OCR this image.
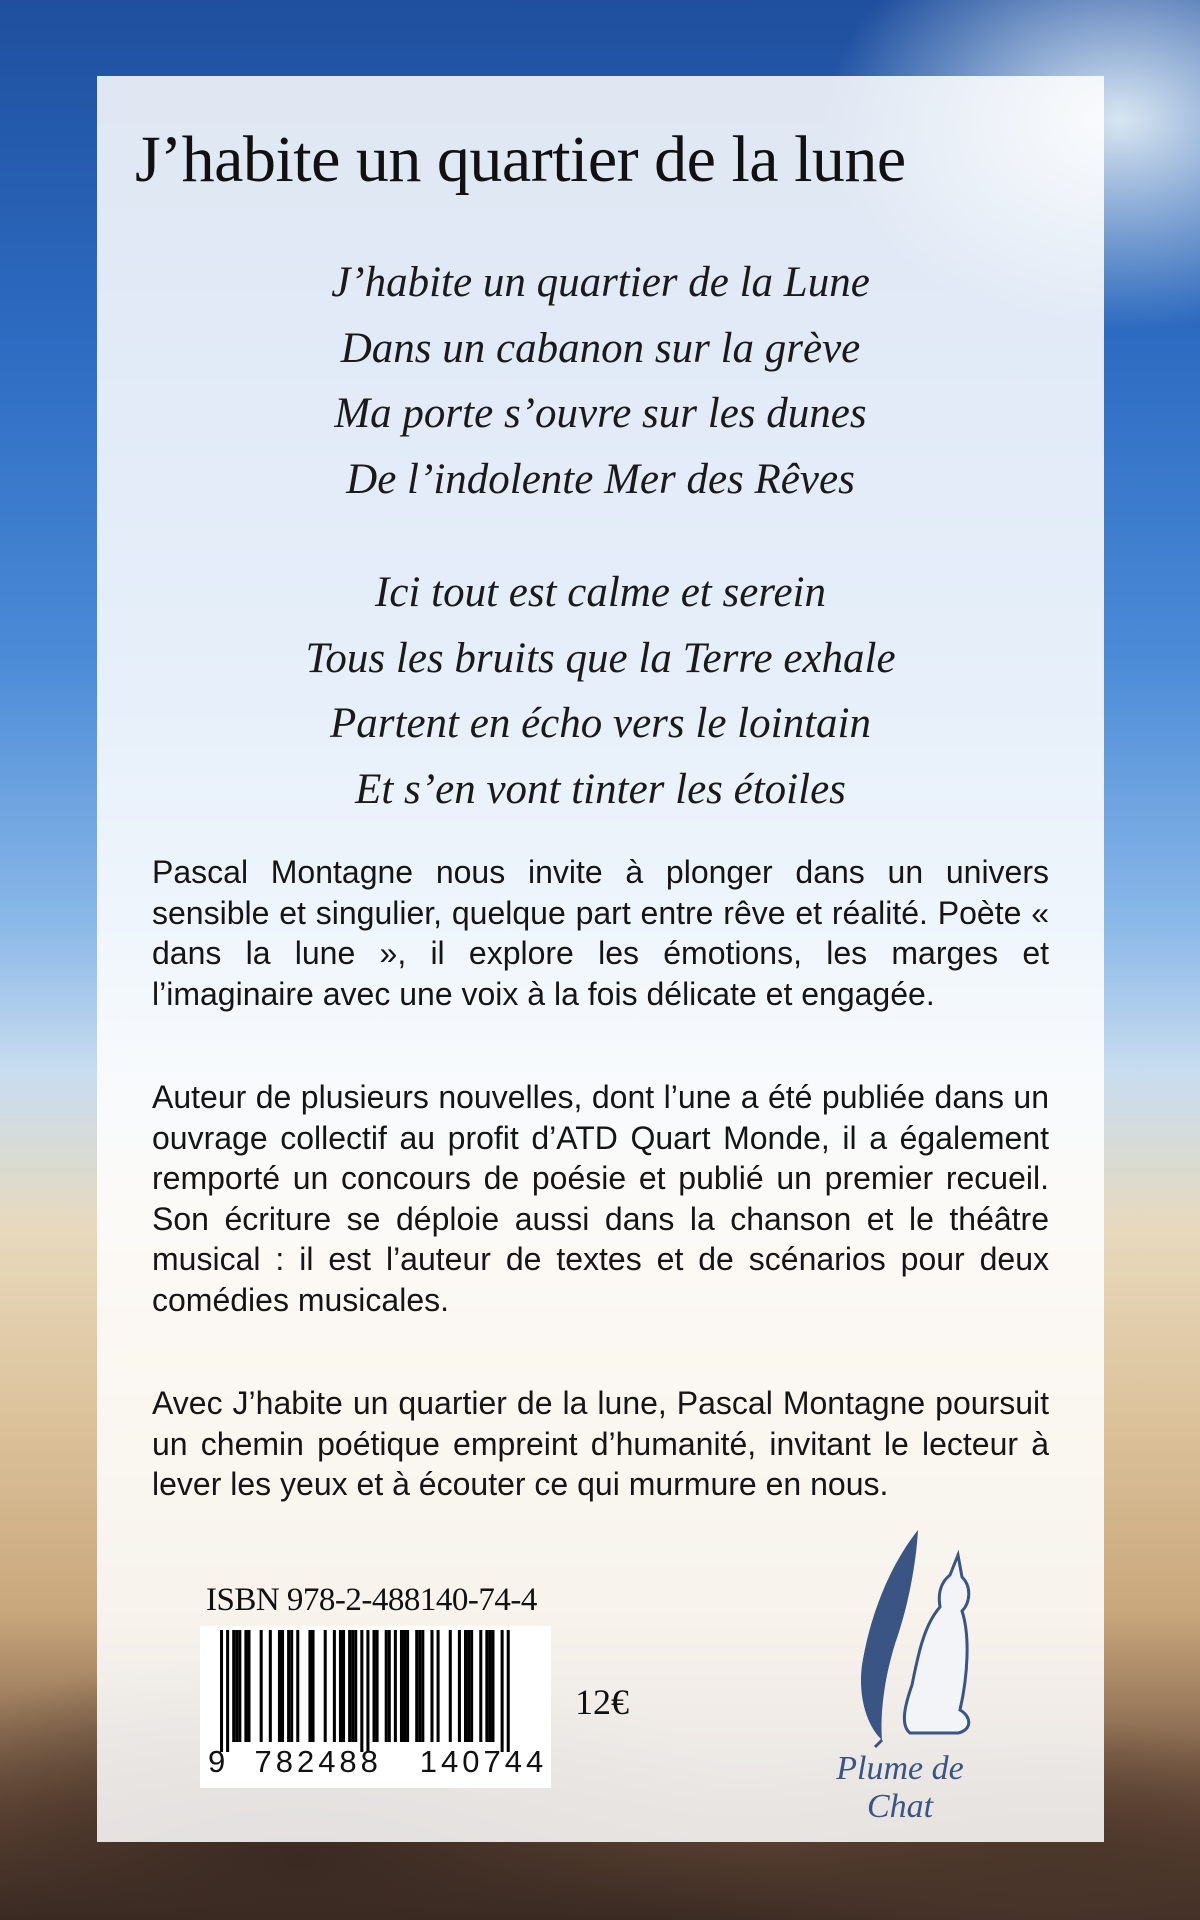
J’habite un quartier de la lune
J’habite un quartier de la Lune
Dans un cabanon sur la grève
Ma porte s’ouvre sur les dunes
De l’indolente Mer des Rêves
Ici tout est calme et serein
Tous les bruits que la Terre exhale
Partent en écho vers le lointain
Et s’en vont tinter les étoiles

Pascal Montagne nous invite à plonger dans un univers sensible et singulier, quelque part entre rêve et réalité. Poète « dans la lune », il explore les émotions, les marges et l’imaginaire avec une voix à la fois délicate et engagée.

Auteur de plusieurs nouvelles, dont l’une a été publiée dans un ouvrage collectif au profit d’ATD Quart Monde, il a également remporté un concours de poésie et publié un premier recueil. Son écriture se déploie aussi dans la chanson et le théâtre musical : il est l’auteur de textes et de scénarios pour deux comédies musicales.

Avec J’habite un quartier de la lune, Pascal Montagne poursuit un chemin poétique empreint d’humanité, invitant le lecteur à lever les yeux et à écouter ce qui murmure en nous.

ISBN 978-2-488140-74-4
9  782488   140744
12€
Plume de Chat
